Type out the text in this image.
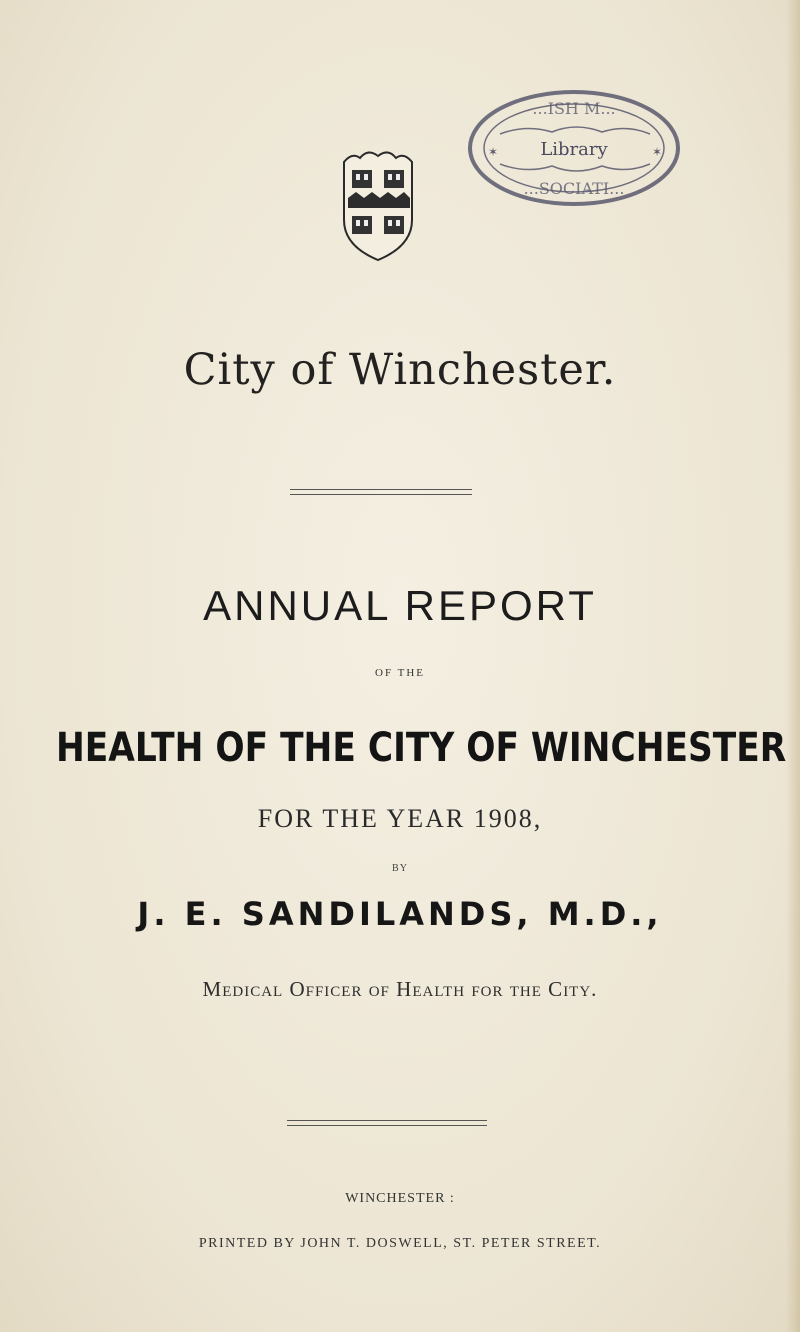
...ISH M...
Library
...SOCIATI...
✶	✶
City of Winchester.
ANNUAL REPORT
OF THE
HEALTH OF THE CITY OF WINCHESTER
FOR THE YEAR 1908,
BY
J. E. SANDILANDS, M.D.,
Medical Officer of Health for the City.
WINCHESTER :
PRINTED BY JOHN T. DOSWELL, ST. PETER STREET.
